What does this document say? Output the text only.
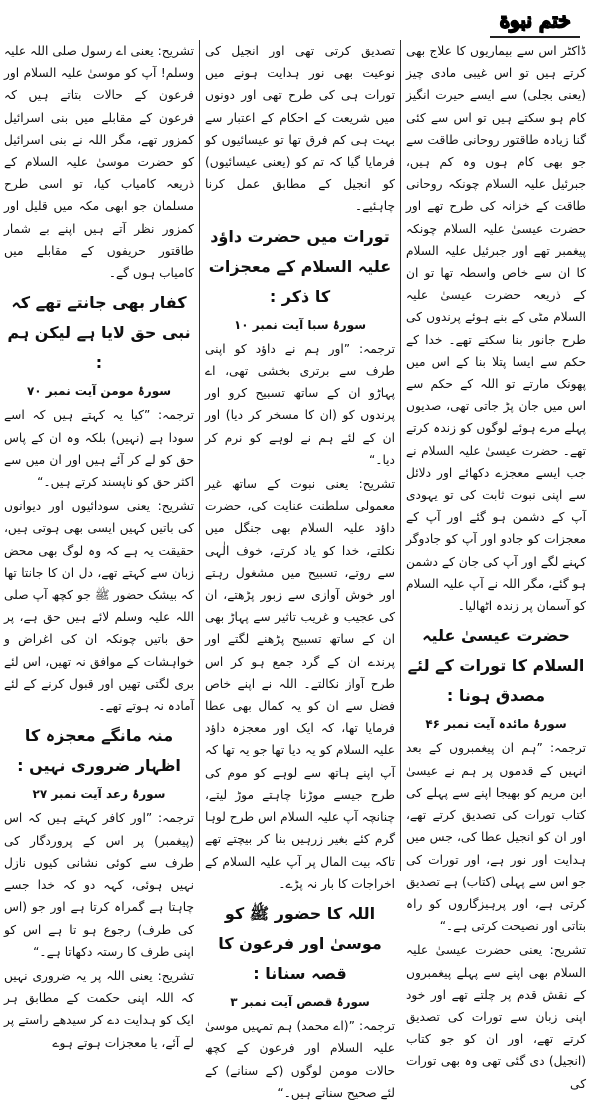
ختم نبوة

ڈاکٹر اس سے بیماریوں کا علاج بھی کرتے ہیں تو اس غیبی مادی چیز (یعنی بجلی) سے ایسے حیرت انگیز کام ہو سکتے ہیں تو اس سے کئی گنا زیادہ طاقتور روحانی طاقت سے جو بھی کام ہوں وہ کم ہیں، جبرئیل علیہ السلام چونکہ روحانی طاقت کے خزانہ کی طرح تھے اور حضرت عیسیٰ علیہ السلام چونکہ پیغمبر تھے اور جبرئیل علیہ السلام کا ان سے خاص واسطہ تھا تو ان کے ذریعہ حضرت عیسیٰ علیہ السلام مٹی کے بنے ہوئے پرندوں کی طرح جانور بنا سکتے تھے۔ خدا کے حکم سے ایسا پتلا بنا کے اس میں پھونک مارتے تو اللہ کے حکم سے اس میں جان پڑ جاتی تھی، صدیوں پہلے مرے ہوئے لوگوں کو زندہ کرتے تھے۔ حضرت عیسیٰ علیہ السلام نے جب ایسے معجزے دکھائے اور دلائل سے اپنی نبوت ثابت کی تو یہودی آپ کے دشمن ہو گئے اور آپ کے معجزات کو جادو اور آپ کو جادوگر کہنے لگے اور آپ کی جان کے دشمن ہو گئے، مگر اللہ نے آپ علیہ السلام کو آسمان پر زندہ اٹھالیا۔

حضرت عیسیٰ علیہ السلام کا تورات کے لئے مصدق ہونا :

سورۂ مائدہ آیت نمبر ۴۶

ترجمہ: ”ہم ان پیغمبروں کے بعد انہیں کے قدموں پر ہم نے عیسیٰ ابن مریم کو بھیجا اپنے سے پہلے کی کتاب تورات کی تصدیق کرتے تھے، اور ان کو انجیل عطا کی، جس میں ہدایت اور نور ہے، اور تورات کی جو اس سے پہلی (کتاب) ہے تصدیق کرتی ہے، اور پرہیزگاروں کو راہ بتاتی اور نصیحت کرتی ہے۔“

تشریح: یعنی حضرت عیسیٰ علیہ السلام بھی اپنے سے پہلے پیغمبروں کے نقش قدم پر چلتے تھے اور خود اپنی زبان سے تورات کی تصدیق کرتے تھے، اور ان کو جو کتاب (انجیل) دی گئی تھی وہ بھی تورات کی

تصدیق کرتی تھی اور انجیل کی نوعیت بھی نور ہدایت ہونے میں تورات ہی کی طرح تھی اور دونوں میں شریعت کے احکام کے اعتبار سے بہت ہی کم فرق تھا تو عیسائیوں کو فرمایا گیا کہ تم کو (یعنی عیسائیوں) کو انجیل کے مطابق عمل کرنا چاہئیے۔

تورات میں حضرت داؤد علیہ السلام کے معجزات کا ذکر :

سورۂ سبا آیت نمبر ۱۰

ترجمہ: ”اور ہم نے داؤد کو اپنی طرف سے برتری بخشی تھی، اے پہاڑو ان کے ساتھ تسبیح کرو اور پرندوں کو (ان کا مسخر کر دیا) اور ان کے لئے ہم نے لوہے کو نرم کر دیا۔“

تشریح: یعنی نبوت کے ساتھ غیر معمولی سلطنت عنایت کی، حضرت داؤد علیہ السلام بھی جنگل میں نکلتے، خدا کو یاد کرتے، خوف الٰہی سے روتے، تسبیح میں مشغول رہتے اور خوش آوازی سے زبور پڑھتے، ان کی عجیب و غریب تاثیر سے پہاڑ بھی ان کے ساتھ تسبیح پڑھنے لگتے اور پرندے ان کے گرد جمع ہو کر اس طرح آواز نکالتے۔ اللہ نے اپنے خاص فضل سے ان کو یہ کمال بھی عطا فرمایا تھا، کہ ایک اور معجزہ داؤد علیہ السلام کو یہ دیا تھا جو یہ تھا کہ آپ اپنے ہاتھ سے لوہے کو موم کی طرح جیسے موڑنا چاہتے موڑ لیتے، چنانچہ آپ علیہ السلام اس طرح لوہا گرم کئے بغیر زرہیں بنا کر بیچتے تھے تاکہ بیت المال پر آپ علیہ السلام کے اخراجات کا بار نہ پڑے۔

اللہ کا حضور ﷺ کو موسیٰ اور فرعون کا قصہ سنانا :

سورۂ قصص آیت نمبر ۳

ترجمہ: ”(اے محمد) ہم تمہیں موسیٰ علیہ السلام اور فرعون کے کچھ حالات مومن لوگوں (کے سنانے) کے لئے صحیح سناتے ہیں۔“

تشریح: یعنی اے رسول صلی اللہ علیہ وسلم! آپ کو موسیٰ علیہ السلام اور فرعون کے حالات بتاتے ہیں کہ فرعون کے مقابلے میں بنی اسرائیل کمزور تھے، مگر اللہ نے بنی اسرائیل کو حضرت موسیٰ علیہ السلام کے ذریعہ کامیاب کیا، تو اسی طرح مسلمان جو ابھی مکہ میں قلیل اور کمزور نظر آتے ہیں اپنے بے شمار طاقتور حریفوں کے مقابلے میں کامیاب ہوں گے۔

کفار بھی جانتے تھے کہ نبی حق لایا ہے لیکن ہم :

سورۂ مومن آیت نمبر ۷۰

ترجمہ: ”کیا یہ کہتے ہیں کہ اسے سودا ہے (نہیں) بلکہ وہ ان کے پاس حق کو لے کر آئے ہیں اور ان میں سے اکثر حق کو ناپسند کرتے ہیں۔“

تشریح: یعنی سودائیوں اور دیوانوں کی باتیں کہیں ایسی بھی ہوتی ہیں، حقیقت یہ ہے کہ وہ لوگ بھی محض زبان سے کہتے تھے، دل ان کا جانتا تھا کہ بیشک حضور ﷺ جو کچھ آپ صلی اللہ علیہ وسلم لائے ہیں حق ہے، پر حق باتیں چونکہ ان کی اغراض و خواہشات کے موافق نہ تھیں، اس لئے بری لگتی تھیں اور قبول کرنے کے لئے آمادہ نہ ہوتے تھے۔

منہ مانگے معجزہ کا اظہار ضروری نہیں :

سورۂ رعد آیت نمبر ۲۷

ترجمہ: ”اور کافر کہتے ہیں کہ اس (پیغمبر) پر اس کے پروردگار کی طرف سے کوئی نشانی کیوں نازل نہیں ہوئی، کہہ دو کہ خدا جسے چاہتا ہے گمراہ کرتا ہے اور جو (اس کی طرف) رجوع ہو تا ہے اس کو اپنی طرف کا رستہ دکھاتا ہے۔“

تشریح: یعنی اللہ پر یہ ضروری نہیں کہ اللہ اپنی حکمت کے مطابق ہر ایک کو ہدایت دے کر سیدھے راستے پر لے آئے، یا معجزات ہوتے ہوے
